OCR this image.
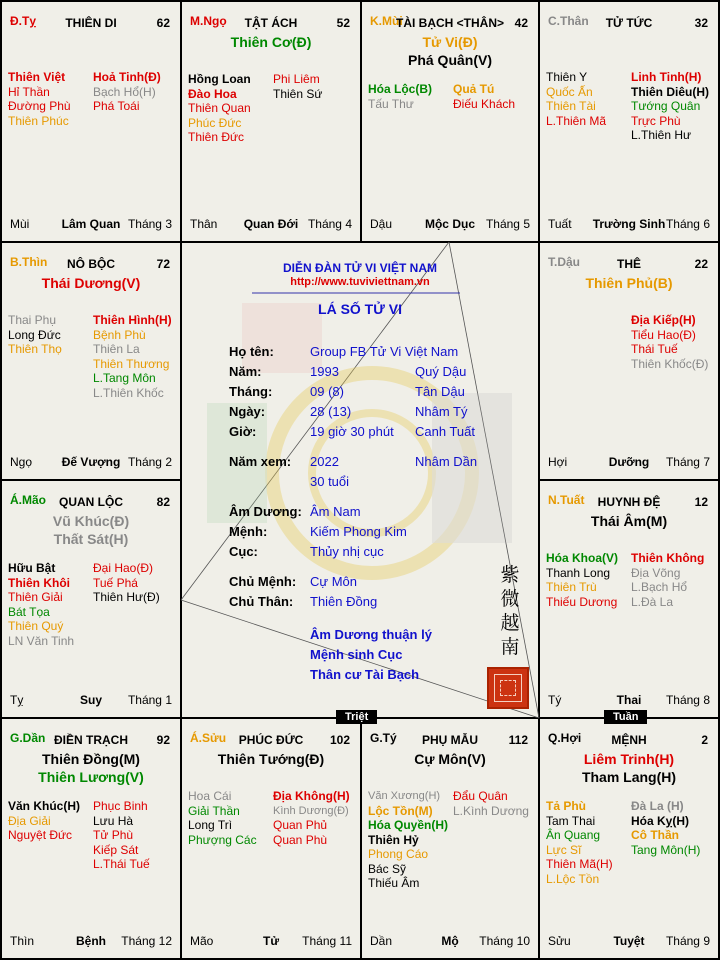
Đ.Tỵ	THIÊN DI	62
Thiên Việt
Hỉ Thần
Đường Phù
Thiên Phúc
Hoả Tinh(Đ)
Bạch Hổ(H)
Phá Toái
Mùi	Lâm Quan Tháng 3
M.Ngọ	TẬT ÁCH	52
Thiên Cơ(Đ)
Hồng Loan
Đào Hoa
Thiên Quan
Phúc Đức
Thiên Đức
Phi Liêm
Thiên Sứ
Thân	Quan Đới Tháng 4
K.Mùi
TÀI BẠCH <THÂN> 42
Tử Vi(Đ)
Phá Quân(V)
Hóa Lộc(B)
Tấu Thư
Quả Tú
Điếu Khách
Dậu	Mộc Dục Tháng 5
C.Thân	TỬ TỨC	32
Thiên Y
Quốc Ấn
Thiên Tài
L.Thiên Mã
Linh Tinh(H)
Thiên Diêu(H)
Tướng Quân
Trực Phù
L.Thiên Hư
Tuất	Trường Sinh Tháng 6
B.Thìn	NÔ BỘC	72
Thái Dương(V)
Thai Phụ
Long Đức
Thiên Thọ
Thiên Hình(H)
Bệnh Phù
Thiên La
Thiên Thương
L.Tang Môn
L.Thiên Khốc
Ngọ	Đế Vượng Tháng 2
T.Dậu	THÊ	22
Thiên Phủ(B)
Địa Kiếp(H)
Tiểu Hao(Đ)
Thái Tuế
Thiên Khốc(Đ)
Hợi	Dưỡng	Tháng 7
Á.Mão	QUAN LỘC	82
Vũ Khúc(Đ)
Thất Sát(H)
Hữu Bật
Thiên Khôi
Thiên Giải
Bát Tọa
Thiên Quý
LN Văn Tinh
Đại Hao(Đ)
Tuế Phá
Thiên Hư(Đ)
Tỵ	Suy	Tháng 1
N.Tuất	HUYNH ĐỆ	12
Thái Âm(M)
Hóa Khoa(V)
Thanh Long
Thiên Trù
Thiếu Dương
Thiên Không
Địa Võng
L.Bạch Hổ
L.Đà La
Tý	Thai	Tháng 8
G.Dần ĐIỀN TRẠCH	92
Thiên Đồng(M)
Thiên Lương(V)
Văn Khúc(H)
Địa Giải
Nguyệt Đức
Phục Binh
Lưu Hà
Tử Phù
Kiếp Sát
L.Thái Tuế
Thìn	Bệnh	Tháng 12
Á.Sửu	PHÚC ĐỨC	102
Thiên Tướng(Đ)
Hoa Cái
Giải Thần
Long Trì
Phượng Các
Địa Không(H)
Kình Dương(Đ)
Quan Phủ
Quan Phù
Mão	Tử	Tháng 11
G.Tý	PHỤ MẪU	112
Cự Môn(V)
Văn Xương(H)
Lộc Tồn(M)
Hóa Quyền(H)
Thiên Hỷ
Phong Cáo
Bác Sỹ
Thiếu Âm
Đẩu Quân
L.Kình Dương
Dần	Mộ	Tháng 10
Q.Hợi	MỆNH	2
Liêm Trinh(H)
Tham Lang(H)
Tả Phù
Tam Thai
Ân Quang
Lực Sĩ
Thiên Mã(H)
L.Lộc Tồn
Đà La (H)
Hóa Kỵ(H)
Cô Thần
Tang Môn(H)
Sửu	Tuyệt	Tháng 9
DIỄN ĐÀN TỬ VI VIỆT NAM
http://www.tuviviettnam.vn
LÁ SỐ TỬ VI
Họ tên:	Group FB Tử Vi Việt Nam
Năm:	1993	Quý Dậu
Tháng:	09 (8)	Tân Dậu
Ngày:	28 (13)	Nhâm Tý
Giờ:	19 giờ 30 phút Canh Tuất
Năm xem: 2022	Nhâm Dần
30 tuổi
Âm Dương: Âm Nam
Mệnh:	Kiếm Phong Kim
Cục:	Thủy nhị cục
Chủ Mệnh: Cự Môn
Chủ Thân: Thiên Đồng
Âm Dương thuận lý
Mệnh sinh Cục
Thân cư Tài Bạch
紫
微
越
南
Triệt	Tuần
